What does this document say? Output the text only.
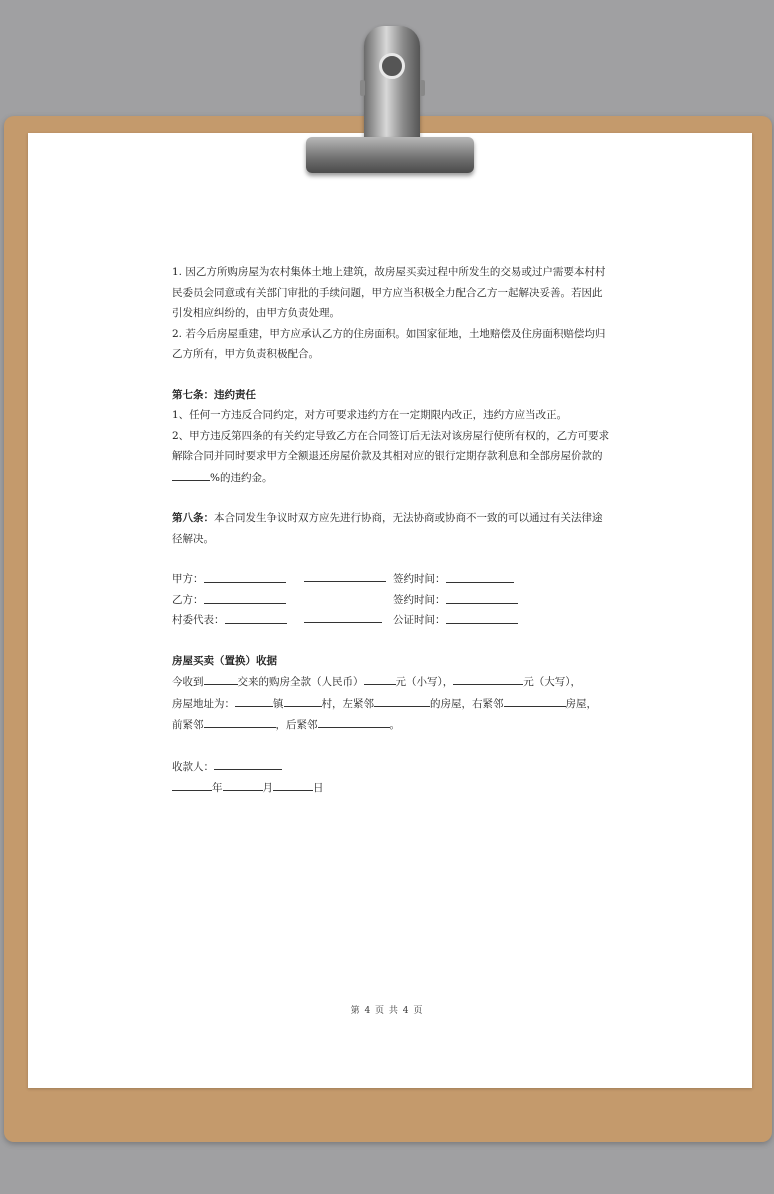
1. 因乙方所购房屋为农村集体土地上建筑，故房屋买卖过程中所发生的交易或过户需要本村村民委员会同意或有关部门审批的手续问题，甲方应当积极全力配合乙方一起解决妥善。若因此引发相应纠纷的，由甲方负责处理。

2. 若今后房屋重建，甲方应承认乙方的住房面积。如国家征地，土地赔偿及住房面积赔偿均归乙方所有，甲方负责积极配合。

第七条：违约责任

1、任何一方违反合同约定，对方可要求违约方在一定期限内改正，违约方应当改正。

2、甲方违反第四条的有关约定导致乙方在合同签订后无法对该房屋行使所有权的，乙方可要求解除合同并同时要求甲方全额退还房屋价款及其相对应的银行定期存款利息和全部房屋价款的%的违约金。

第八条：本合同发生争议时双方应先进行协商，无法协商或协商不一致的可以通过有关法律途径解决。

甲方：	签约时间：
乙方：	签约时间：
村委代表：	公证时间：

房屋买卖（置换）收据

今收到	交来的购房全款（人民币）	元（小写），	元（大写），

房屋地址为：	镇	村，左紧邻	的房屋，右紧邻	房屋，

前紧邻	，后紧邻	。

收款人：

年	月	日

第 4 页 共 4 页
